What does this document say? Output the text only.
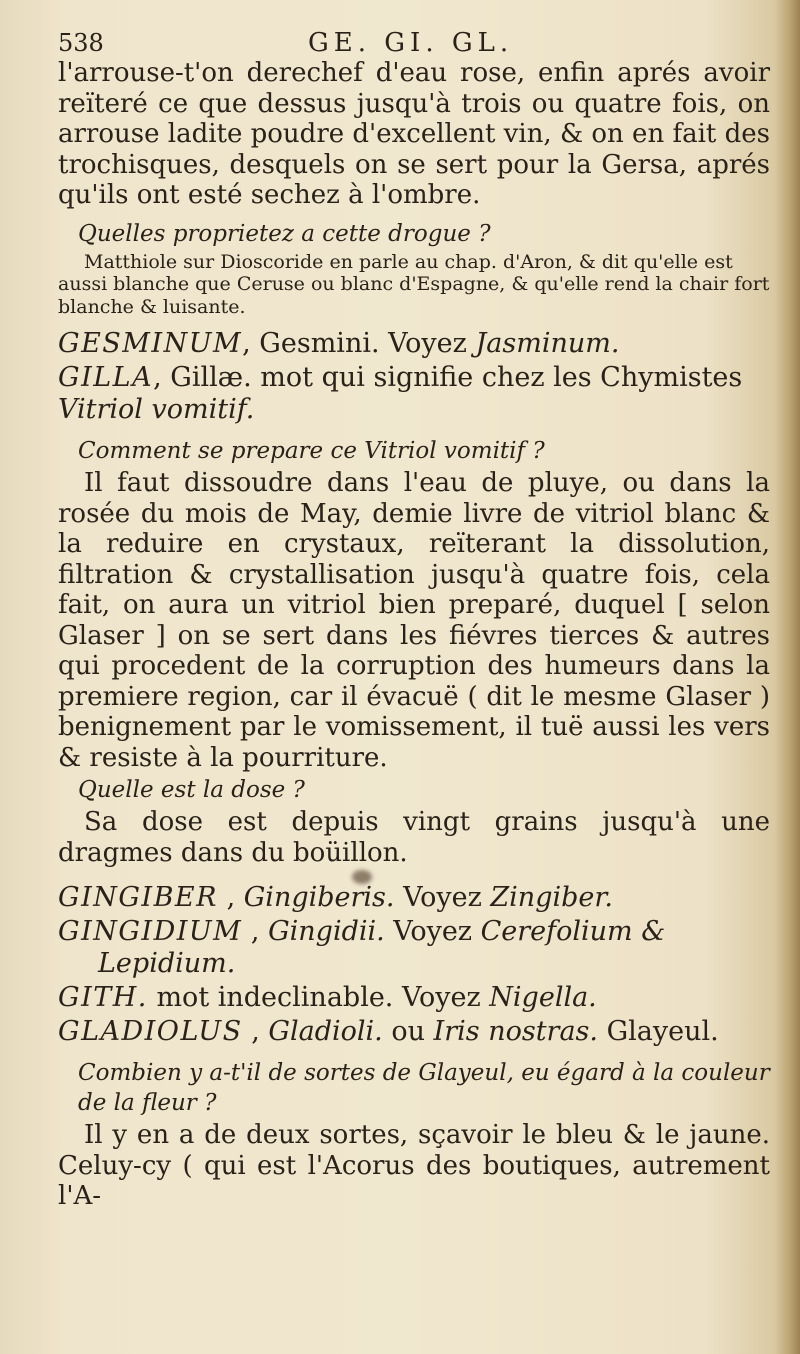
538	GE. GI. GL.

l'arrouse-t'on derechef d'eau rose, enfin aprés avoir reïteré ce que dessus jusqu'à trois ou quatre fois, on arrouse ladite poudre d'excellent vin, & on en fait des trochisques, desquels on se sert pour la Gersa, aprés qu'ils ont esté sechez à l'ombre.

Quelles proprietez a cette drogue ?

Matthiole sur Dioscoride en parle au chap. d'Aron, & dit qu'elle est aussi blanche que Ceruse ou blanc d'Espagne, & qu'elle rend la chair fort blanche & luisante.

GESMINUM, Gesmini. Voyez Jasminum.

GILLA, Gillæ. mot qui signifie chez les Chymistes Vitriol vomitif.

Comment se prepare ce Vitriol vomitif ?

Il faut dissoudre dans l'eau de pluye, ou dans la rosée du mois de May, demie livre de vitriol blanc & la reduire en crystaux, reïterant la dissolution, filtration & crystallisation jusqu'à quatre fois, cela fait, on aura un vitriol bien preparé, duquel [ selon Glaser ] on se sert dans les fiévres tierces & autres qui procedent de la corruption des humeurs dans la premiere region, car il évacuë ( dit le mesme Glaser ) benignement par le vomissement, il tuë aussi les vers & resiste à la pourriture.

Quelle est la dose ?

Sa dose est depuis vingt grains jusqu'à une dragmes dans du boüillon.

GINGIBER , Gingiberis. Voyez Zingiber.

GINGIDIUM , Gingidii. Voyez Cerefolium &
Lepidium.

GITH. mot indeclinable. Voyez Nigella.

GLADIOLUS , Gladioli. ou Iris nostras. Glayeul.

Combien y a-t'il de sortes de Glayeul, eu égard à la couleur de la fleur ?

Il y en a de deux sortes, sçavoir le bleu & le jaune. Celuy-cy ( qui est l'Acorus des boutiques, autrement l'A-
